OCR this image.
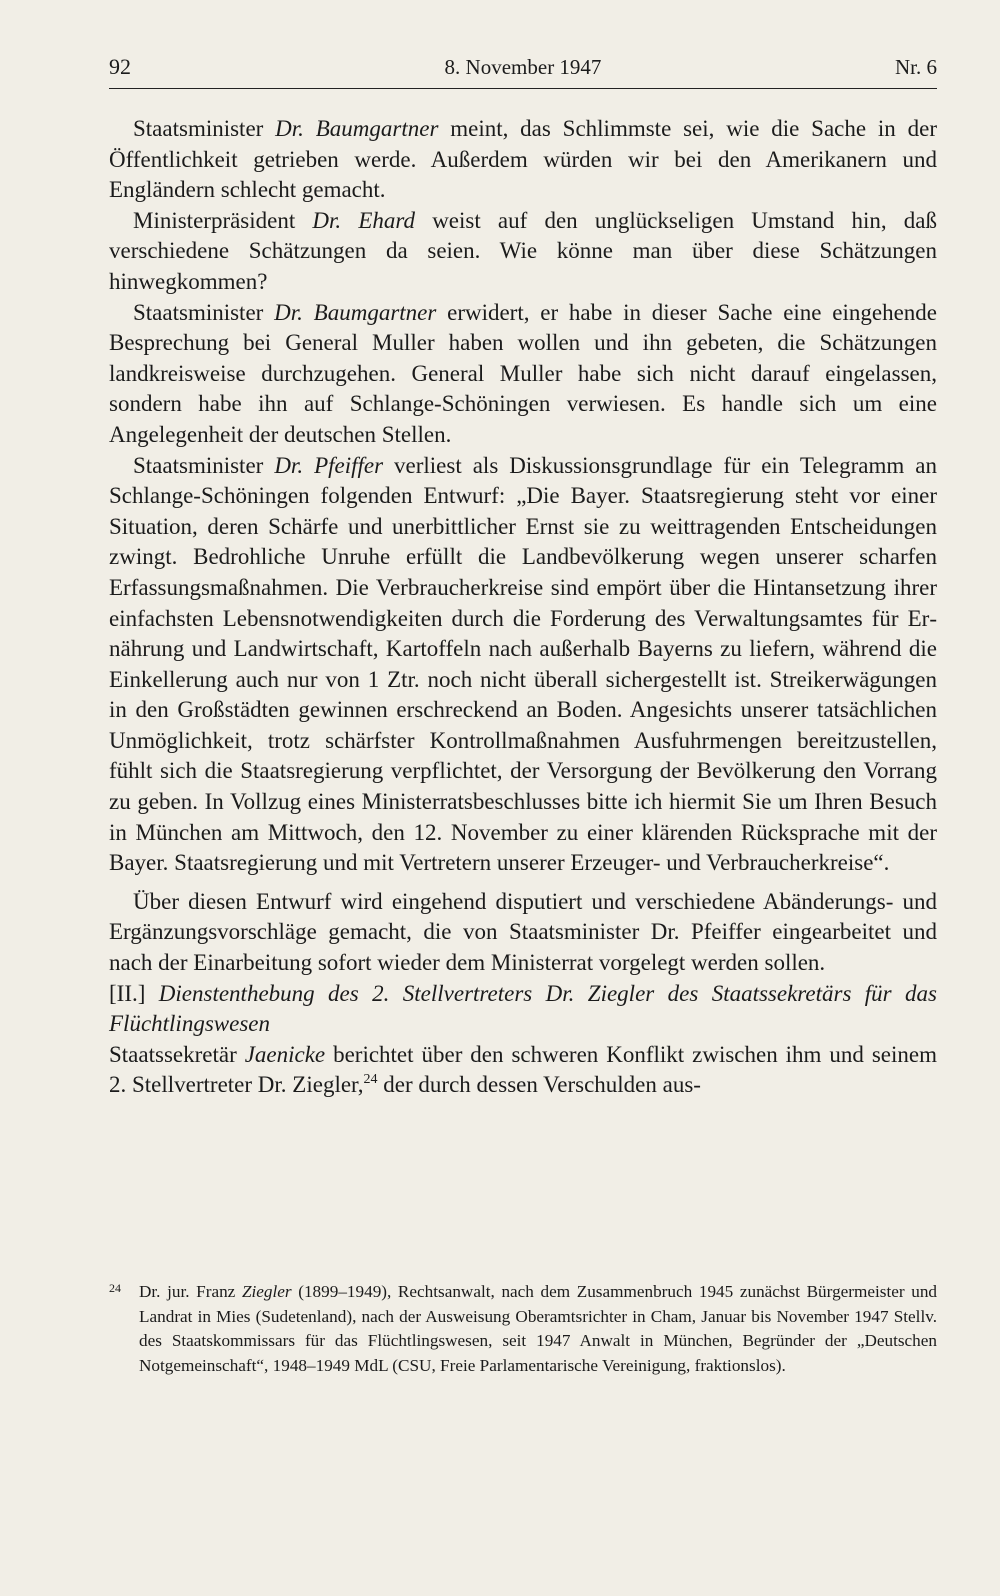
92	8. November 1947	Nr. 6

Staatsminister Dr. Baumgartner meint, das Schlimmste sei, wie die Sache in der Öffentlichkeit getrieben werde. Außerdem würden wir bei den Amerikanern und Engländern schlecht gemacht.

Ministerpräsident Dr. Ehard weist auf den unglückseligen Umstand hin, daß verschiedene Schätzungen da seien. Wie könne man über diese Schätzungen hinwegkommen?

Staatsminister Dr. Baumgartner erwidert, er habe in dieser Sache eine eingehende Besprechung bei General Muller haben wollen und ihn gebeten, die Schätzungen landkreisweise durchzugehen. General Muller habe sich nicht darauf eingelassen, sondern habe ihn auf Schlange-Schöningen verwiesen. Es handle sich um eine Angelegenheit der deutschen Stellen.

Staatsminister Dr. Pfeiffer verliest als Diskussionsgrundlage für ein Telegramm an Schlange-Schöningen folgenden Entwurf: „Die Bayer. Staatsregierung steht vor einer Situation, deren Schärfe und unerbittlicher Ernst sie zu weittragenden Entscheidungen zwingt. Bedrohliche Unruhe erfüllt die Landbevölkerung wegen unserer scharfen Erfassungsmaßnahmen. Die Verbraucherkreise sind empört über die Hintansetzung ihrer einfachsten Lebensnotwendigkeiten durch die Forderung des Verwaltungsamtes für Ernährung und Landwirtschaft, Kartoffeln nach außerhalb Bayerns zu liefern, während die Einkellerung auch nur von 1 Ztr. noch nicht überall sichergestellt ist. Streikerwägungen in den Großstädten gewinnen erschreckend an Boden. Angesichts unserer tatsächlichen Unmöglichkeit, trotz schärfster Kontrollmaßnahmen Ausfuhrmengen bereitzustellen, fühlt sich die Staatsregierung verpflichtet, der Versorgung der Bevölkerung den Vorrang zu geben. In Vollzug eines Ministerratsbeschlusses bitte ich hiermit Sie um Ihren Besuch in München am Mittwoch, den 12. November zu einer klärenden Rücksprache mit der Bayer. Staatsregierung und mit Vertretern unserer Erzeuger- und Verbraucherkreise“.

Über diesen Entwurf wird eingehend disputiert und verschiedene Abänderungs- und Ergänzungsvorschläge gemacht, die von Staatsminister Dr. Pfeiffer eingearbeitet und nach der Einarbeitung sofort wieder dem Ministerrat vorgelegt werden sollen.

[II.] Dienstenthebung des 2. Stellvertreters Dr. Ziegler des Staatssekretärs für das Flüchtlingswesen

Staatssekretär Jaenicke berichtet über den schweren Konflikt zwischen ihm und seinem 2. Stellvertreter Dr. Ziegler,$^{24}$ der durch dessen Verschulden aus-

24 Dr. jur. Franz Ziegler (1899–1949), Rechtsanwalt, nach dem Zusammenbruch 1945 zunächst Bürgermeister und Landrat in Mies (Sudetenland), nach der Ausweisung Oberamtsrichter in Cham, Januar bis November 1947 Stellv. des Staatskommissars für das Flüchtlingswesen, seit 1947 Anwalt in München, Begründer der „Deutschen Notgemeinschaft“, 1948–1949 MdL (CSU, Freie Parlamentarische Vereinigung, fraktionslos).
